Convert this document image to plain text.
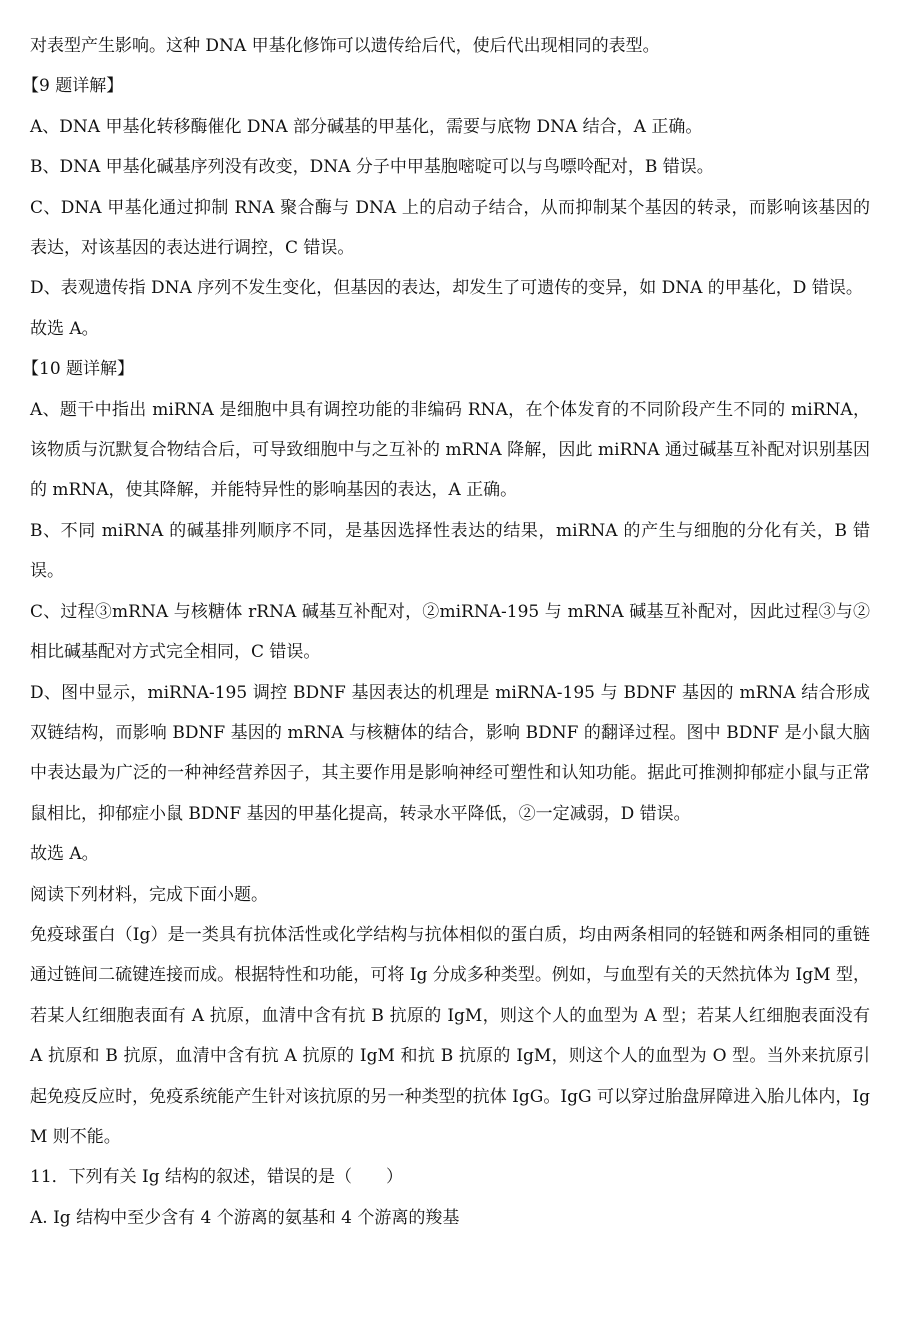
对表型产生影响。这种 DNA 甲基化修饰可以遗传给后代，使后代出现相同的表型。

【9 题详解】

A、DNA 甲基化转移酶催化 DNA 部分碱基的甲基化，需要与底物 DNA 结合，A 正确。

B、DNA 甲基化碱基序列没有改变，DNA 分子中甲基胞嘧啶可以与鸟嘌呤配对，B 错误。

C、DNA 甲基化通过抑制 RNA 聚合酶与 DNA 上的启动子结合，从而抑制某个基因的转录，而影响该基因的表达，对该基因的表达进行调控，C 错误。

D、表观遗传指 DNA 序列不发生变化，但基因的表达，却发生了可遗传的变异，如 DNA 的甲基化，D 错误。

故选 A。

【10 题详解】

A、题干中指出 miRNA 是细胞中具有调控功能的非编码 RNA，在个体发育的不同阶段产生不同的 miRNA，该物质与沉默复合物结合后，可导致细胞中与之互补的 mRNA 降解，因此 miRNA 通过碱基互补配对识别基因的 mRNA，使其降解，并能特异性的影响基因的表达，A 正确。

B、不同 miRNA 的碱基排列顺序不同，是基因选择性表达的结果，miRNA 的产生与细胞的分化有关，B 错误。

C、过程③mRNA 与核糖体 rRNA 碱基互补配对，②miRNA-195 与 mRNA 碱基互补配对，因此过程③与②相比碱基配对方式完全相同，C 错误。

D、图中显示，miRNA-195 调控 BDNF 基因表达的机理是 miRNA-195 与 BDNF 基因的 mRNA 结合形成双链结构，而影响 BDNF 基因的 mRNA 与核糖体的结合，影响 BDNF 的翻译过程。图中 BDNF 是小鼠大脑中表达最为广泛的一种神经营养因子，其主要作用是影响神经可塑性和认知功能。据此可推测抑郁症小鼠与正常鼠相比，抑郁症小鼠 BDNF 基因的甲基化提高，转录水平降低，②一定减弱，D 错误。

故选 A。

阅读下列材料，完成下面小题。

免疫球蛋白（Ig）是一类具有抗体活性或化学结构与抗体相似的蛋白质，均由两条相同的轻链和两条相同的重链通过链间二硫键连接而成。根据特性和功能，可将 Ig 分成多种类型。例如，与血型有关的天然抗体为 IgM 型，若某人红细胞表面有 A 抗原，血清中含有抗 B 抗原的 IgM，则这个人的血型为 A 型；若某人红细胞表面没有 A 抗原和 B 抗原，血清中含有抗 A 抗原的 IgM 和抗 B 抗原的 IgM，则这个人的血型为 O 型。当外来抗原引起免疫反应时，免疫系统能产生针对该抗原的另一种类型的抗体 IgG。IgG 可以穿过胎盘屏障进入胎儿体内，IgM 则不能。

11．下列有关 Ig 结构的叙述，错误的是（　　）

A. Ig 结构中至少含有 4 个游离的氨基和 4 个游离的羧基
